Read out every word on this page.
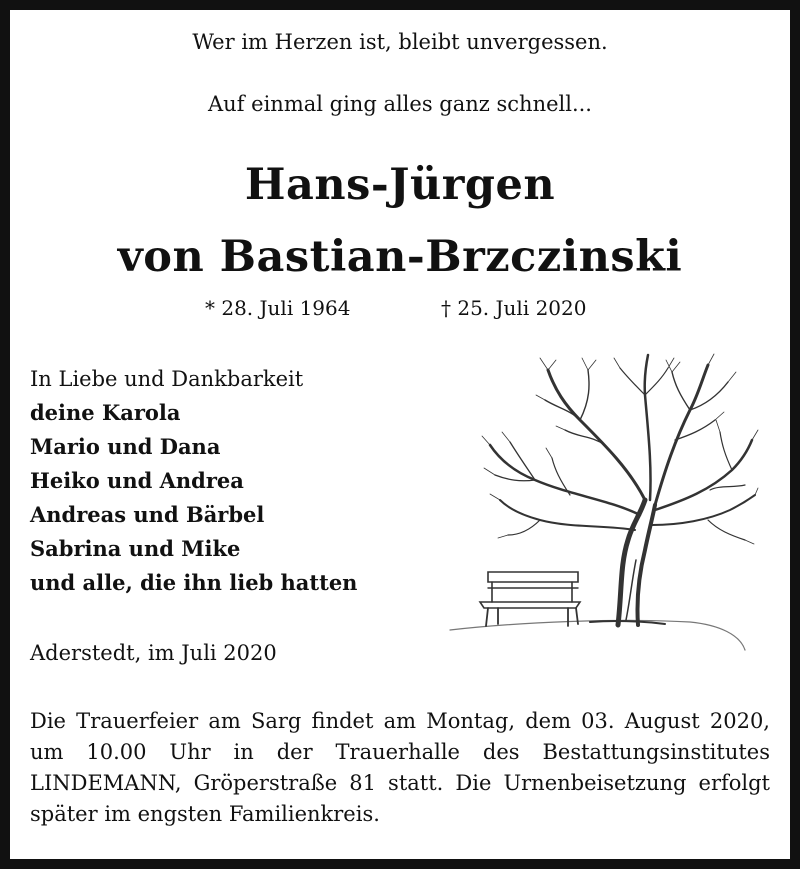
Wer im Herzen ist, bleibt unvergessen.
Auf einmal ging alles ganz schnell...
Hans-Jürgen
von Bastian-Brzczinski
* 28. Juli 1964	† 25. Juli 2020
In Liebe und Dankbarkeit
deine Karola
Mario und Dana
Heiko und Andrea
Andreas und Bärbel
Sabrina und Mike
und alle, die ihn lieb hatten
Aderstedt, im Juli 2020
Die Trauerfeier am Sarg findet am Montag, dem 03. August 2020, um 10.00 Uhr in der Trauerhalle des Bestattungsinstitutes LINDEMANN, Gröperstraße 81 statt. Die Urnenbeisetzung erfolgt später im engsten Familienkreis.
